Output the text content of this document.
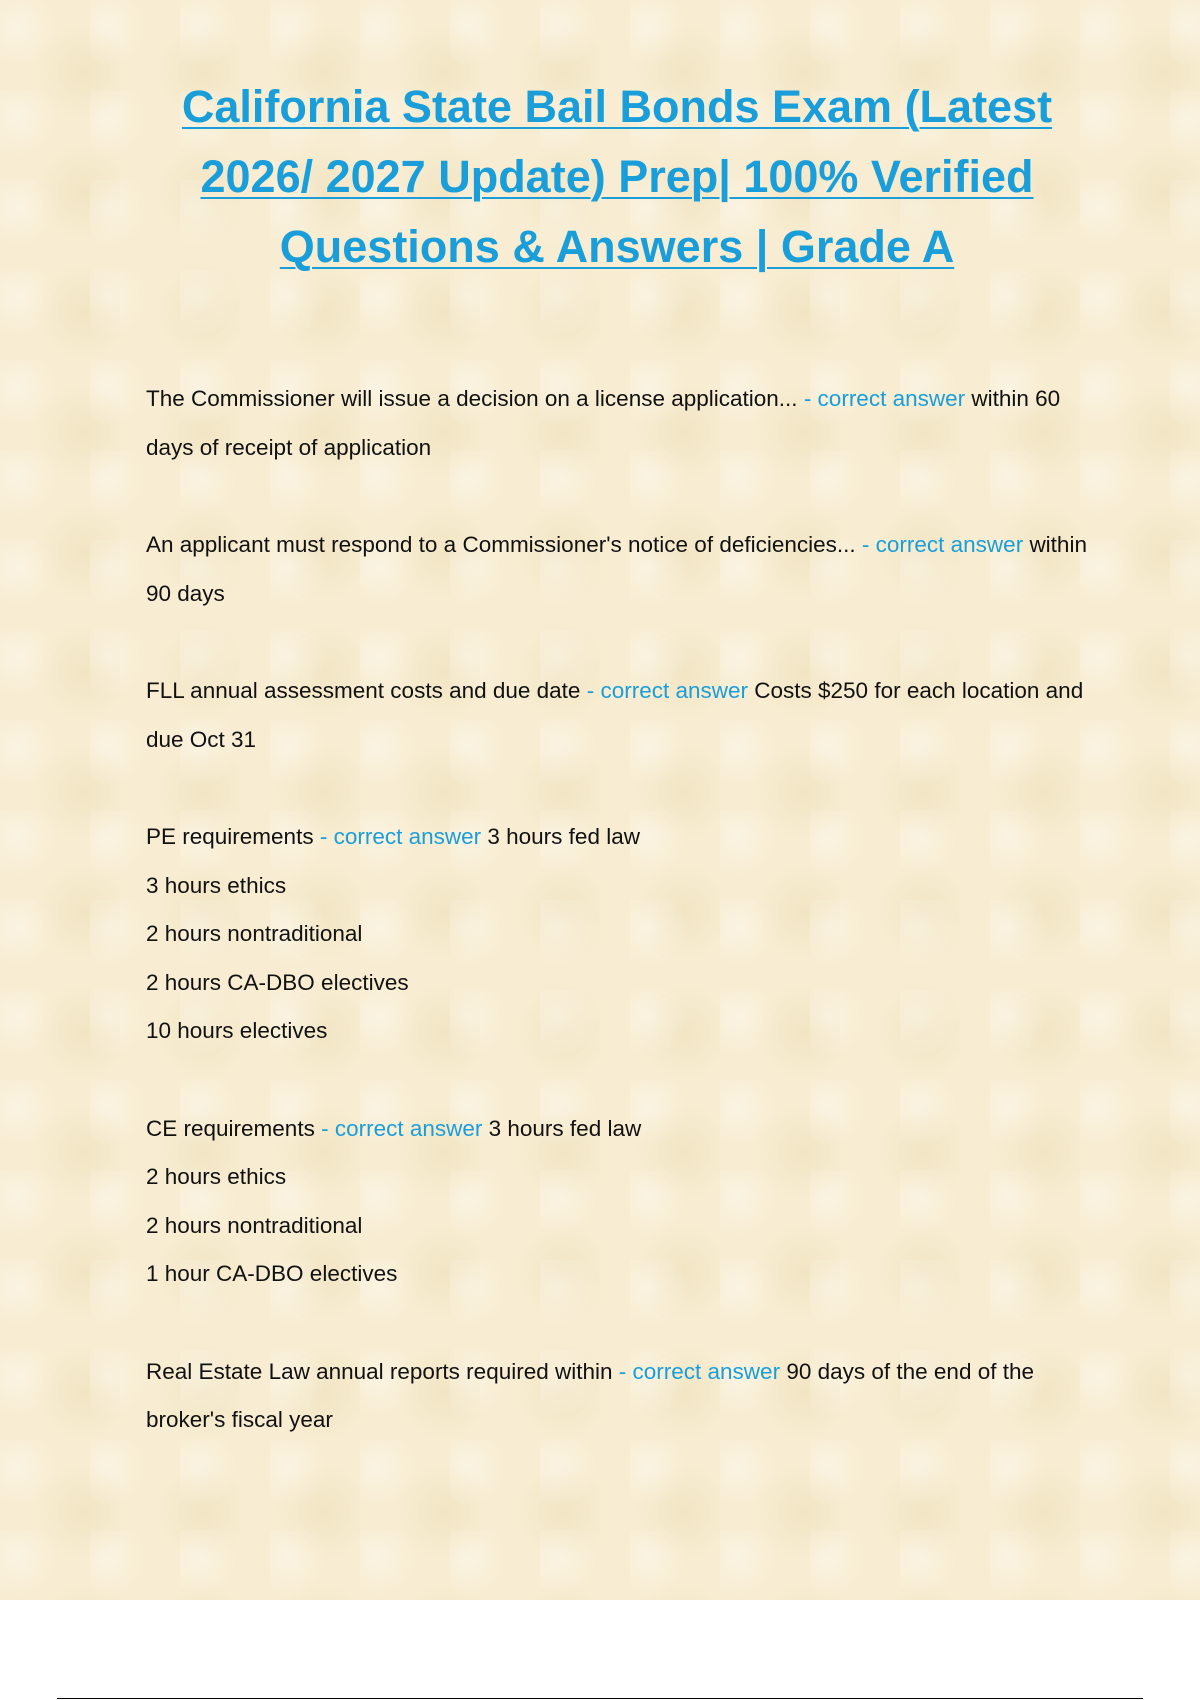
California State Bail Bonds Exam (Latest 2026/ 2027 Update) Prep| 100% Verified Questions & Answers | Grade A

The Commissioner will issue a decision on a license application... - correct answer within 60 days of receipt of application

An applicant must respond to a Commissioner's notice of deficiencies... - correct answer within 90 days

FLL annual assessment costs and due date - correct answer Costs $250 for each location and due Oct 31

PE requirements - correct answer 3 hours fed law
3 hours ethics
2 hours nontraditional
2 hours CA-DBO electives
10 hours electives

CE requirements - correct answer 3 hours fed law
2 hours ethics
2 hours nontraditional
1 hour CA-DBO electives

Real Estate Law annual reports required within - correct answer 90 days of the end of the broker's fiscal year
